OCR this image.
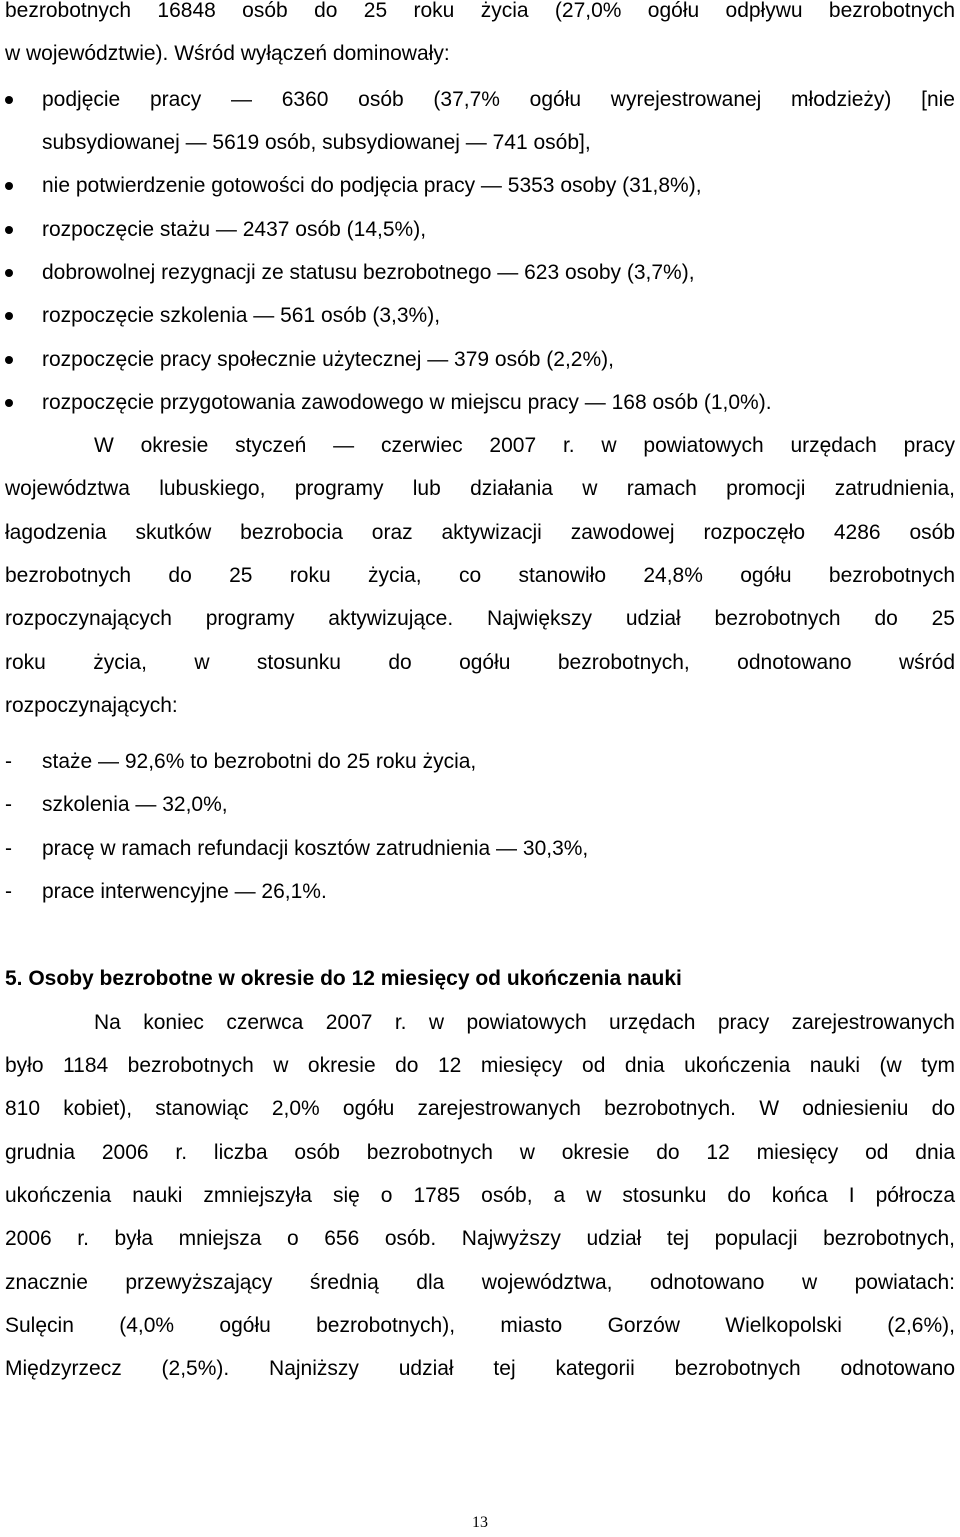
bezrobotnych 16848 osób do 25 roku życia (27,0% ogółu odpływu bezrobotnych

w województwie). Wśród wyłączeń dominowały:

podjęcie pracy — 6360 osób (37,7% ogółu wyrejestrowanej młodzieży) [nie

subsydiowanej — 5619 osób, subsydiowanej — 741 osób],

nie potwierdzenie gotowości do podjęcia pracy — 5353 osoby (31,8%),

rozpoczęcie stażu — 2437 osób (14,5%),

dobrowolnej rezygnacji ze statusu bezrobotnego — 623 osoby (3,7%),

rozpoczęcie szkolenia — 561 osób (3,3%),

rozpoczęcie pracy społecznie użytecznej — 379 osób (2,2%),

rozpoczęcie przygotowania zawodowego w miejscu pracy — 168 osób (1,0%).

W okresie styczeń — czerwiec 2007 r. w powiatowych urzędach pracy

województwa lubuskiego, programy lub działania w ramach promocji zatrudnienia,

łagodzenia skutków bezrobocia oraz aktywizacji zawodowej rozpoczęło 4286 osób

bezrobotnych do 25 roku życia, co stanowiło 24,8% ogółu bezrobotnych

rozpoczynających programy aktywizujące. Największy udział bezrobotnych do 25

roku życia, w stosunku do ogółu bezrobotnych, odnotowano wśród

rozpoczynających:

- stażе — 92,6% to bezrobotni do 25 roku życia,

- szkolenia — 32,0%,

- pracę w ramach refundacji kosztów zatrudnienia — 30,3%,

- prace interwencyjne — 26,1%.

5. Osoby bezrobotne w okresie do 12 miesięcy od ukończenia nauki

Na koniec czerwca 2007 r. w powiatowych urzędach pracy zarejestrowanych

było 1184 bezrobotnych w okresie do 12 miesięcy od dnia ukończenia nauki (w tym

810 kobiet), stanowiąc 2,0% ogółu zarejestrowanych bezrobotnych. W odniesieniu do

grudnia 2006 r. liczba osób bezrobotnych w okresie do 12 miesięcy od dnia

ukończenia nauki zmniejszyła się o 1785 osób, a w stosunku do końca I półrocza

2006 r. była mniejsza o 656 osób. Najwyższy udział tej populacji bezrobotnych,

znacznie przewyższający średnią dla województwa, odnotowano w powiatach:

Sulęcin (4,0% ogółu bezrobotnych), miasto Gorzów Wielkopolski (2,6%),

Międzyrzecz (2,5%). Najniższy udział tej kategorii bezrobotnych odnotowano

13
